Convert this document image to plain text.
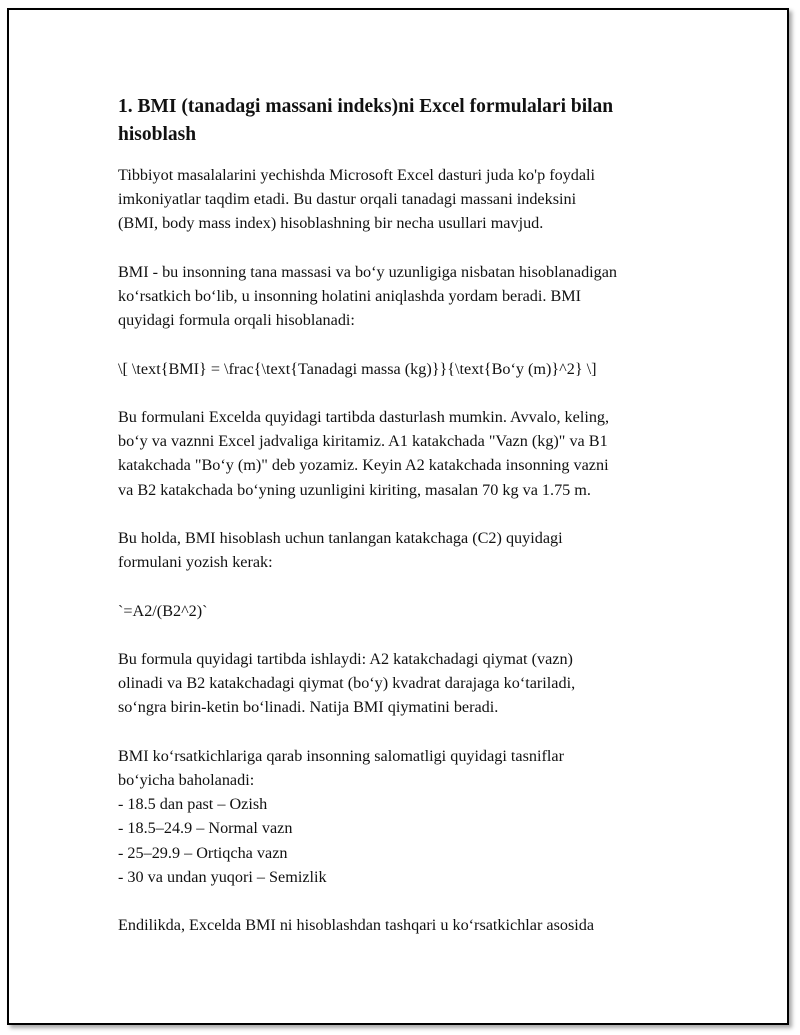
1. BMI (tanadagi massani indeks)ni Excel formulalari bilan
hisoblash
Tibbiyot masalalarini yechishda Microsoft Excel dasturi juda ko'p foydali
imkoniyatlar taqdim etadi. Bu dastur orqali tanadagi massani indeksini
(BMI, body mass index) hisoblashning bir necha usullari mavjud.
BMI - bu insonning tana massasi va bo‘y uzunligiga nisbatan hisoblanadigan
ko‘rsatkich bo‘lib, u insonning holatini aniqlashda yordam beradi. BMI
quyidagi formula orqali hisoblanadi:
\[ \text{BMI} = \frac{\text{Tanadagi massa (kg)}}{\text{Bo‘y (m)}^2} \]
Bu formulani Excelda quyidagi tartibda dasturlash mumkin. Avvalo, keling,
bo‘y va vaznni Excel jadvaliga kiritamiz. A1 katakchada "Vazn (kg)" va B1
katakchada "Bo‘y (m)" deb yozamiz. Keyin A2 katakchada insonning vazni
va B2 katakchada bo‘yning uzunligini kiriting, masalan 70 kg va 1.75 m.
Bu holda, BMI hisoblash uchun tanlangan katakchaga (C2) quyidagi
formulani yozish kerak:
`=A2/(B2^2)`
Bu formula quyidagi tartibda ishlaydi: A2 katakchadagi qiymat (vazn)
olinadi va B2 katakchadagi qiymat (bo‘y) kvadrat darajaga ko‘tariladi,
so‘ngra birin-ketin bo‘linadi. Natija BMI qiymatini beradi.
BMI ko‘rsatkichlariga qarab insonning salomatligi quyidagi tasniflar
bo‘yicha baholanadi:
- 18.5 dan past – Ozish
- 18.5–24.9 – Normal vazn
- 25–29.9 – Ortiqcha vazn
- 30 va undan yuqori – Semizlik
Endilikda, Excelda BMI ni hisoblashdan tashqari u ko‘rsatkichlar asosida
